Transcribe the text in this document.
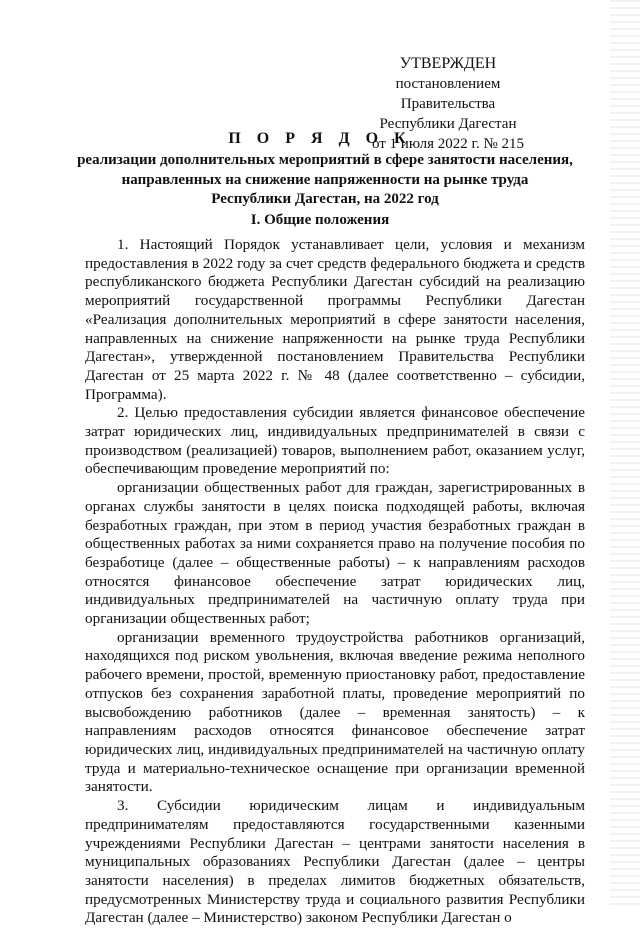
УТВЕРЖДЕН
постановлением Правительства
Республики Дагестан
от 1 июля 2022 г. № 215
П О Р Я Д О К
реализации дополнительных мероприятий в сфере занятости населения,
направленных на снижение напряженности на рынке труда
Республики Дагестан, на 2022 год
I. Общие положения

1. Настоящий Порядок устанавливает цели, условия и механизм предоставления в 2022 году за счет средств федерального бюджета и средств республиканского бюджета Республики Дагестан субсидий на реализацию мероприятий государственной программы Республики Дагестан «Реализация дополнительных мероприятий в сфере занятости населения, направленных на снижение напряженности на рынке труда Республики Дагестан», утвержденной постановлением Правительства Республики Дагестан от 25 марта 2022 г. № 48 (далее соответственно – субсидии, Программа).

2. Целью предоставления субсидии является финансовое обеспечение затрат юридических лиц, индивидуальных предпринимателей в связи с производством (реализацией) товаров, выполнением работ, оказанием услуг, обеспечивающим проведение мероприятий по:

организации общественных работ для граждан, зарегистрированных в органах службы занятости в целях поиска подходящей работы, включая безработных граждан, при этом в период участия безработных граждан в общественных работах за ними сохраняется право на получение пособия по безработице (далее – общественные работы) – к направлениям расходов относятся финансовое обеспечение затрат юридических лиц, индивидуальных предпринимателей на частичную оплату труда при организации общественных работ;

организации временного трудоустройства работников организаций, находящихся под риском увольнения, включая введение режима неполного рабочего времени, простой, временную приостановку работ, предоставление отпусков без сохранения заработной платы, проведение мероприятий по высвобождению работников (далее – временная занятость) – к направлениям расходов относятся финансовое обеспечение затрат юридических лиц, индивидуальных предпринимателей на частичную оплату труда и материально-техническое оснащение при организации временной занятости.

3. Субсидии юридическим лицам и индивидуальным предпринимателям предоставляются государственными казенными учреждениями Республики Дагестан – центрами занятости населения в муниципальных образованиях Республики Дагестан (далее – центры занятости населения) в пределах лимитов бюджетных обязательств, предусмотренных Министерству труда и социального развития Республики Дагестан (далее – Министерство) законом Республики Дагестан о
